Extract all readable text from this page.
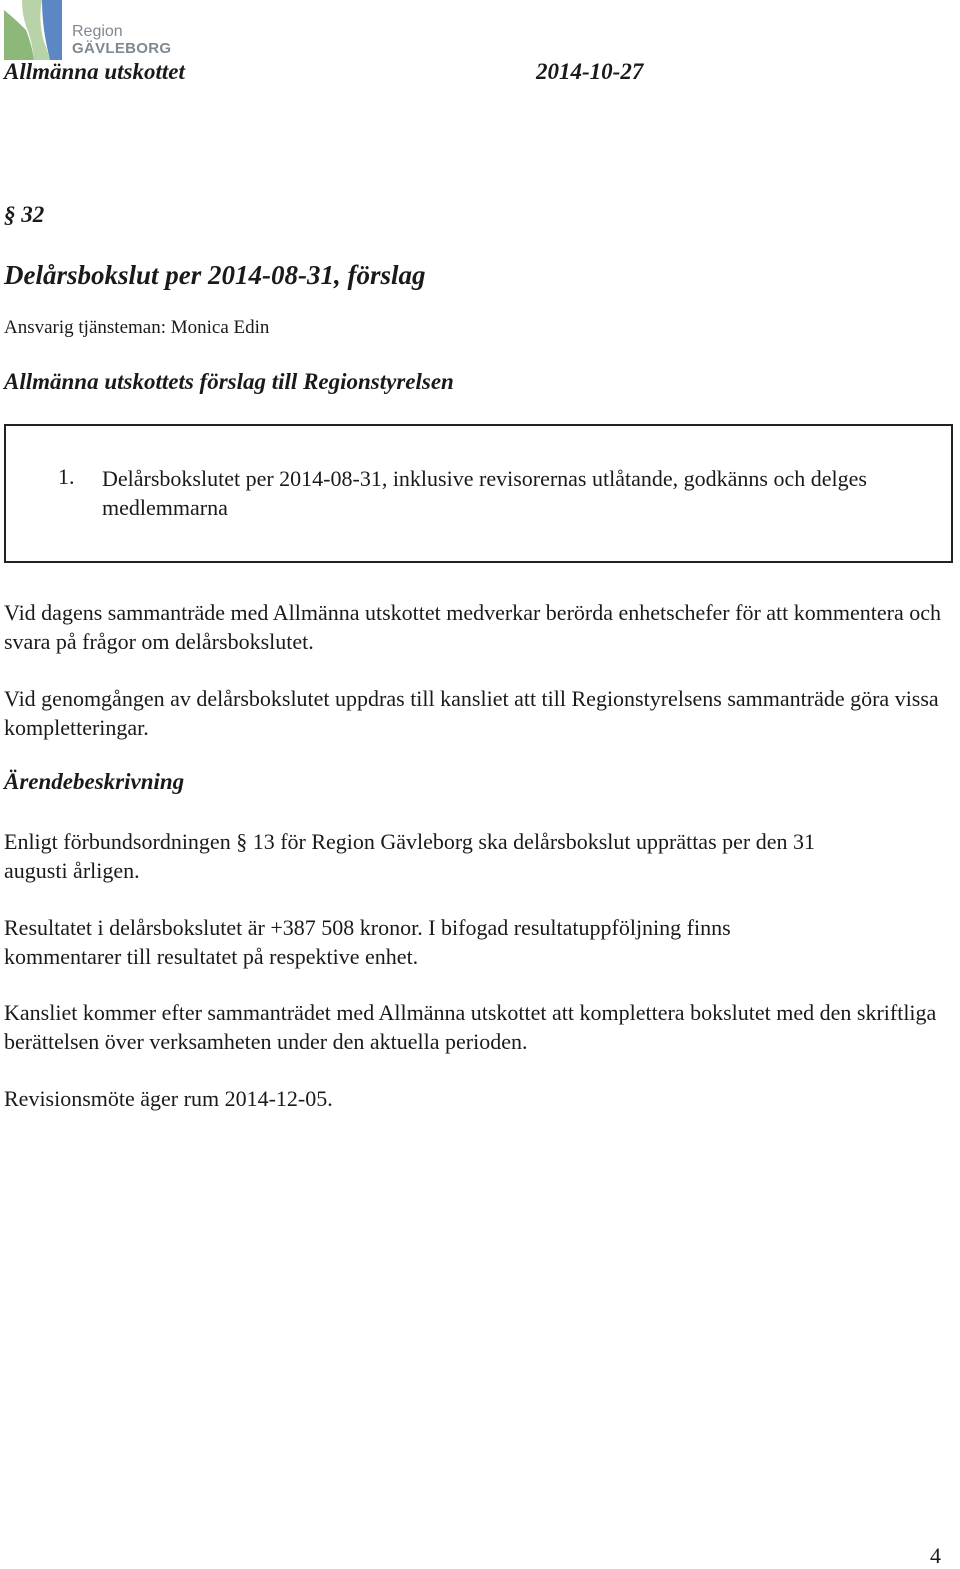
Region
GÄVLEBORG
Allmänna utskottet	2014-10-27
§ 32
Delårsbokslut per 2014-08-31, förslag
Ansvarig tjänsteman: Monica Edin
Allmänna utskottets förslag till Regionstyrelsen
1. Delårsbokslutet per 2014-08-31, inklusive revisorernas utlåtande, godkänns och delges medlemmarna
Vid dagens sammanträde med Allmänna utskottet medverkar berörda enhetschefer för att kommentera och svara på frågor om delårsbokslutet.
Vid genomgången av delårsbokslutet uppdras till kansliet att till Regionstyrelsens sammanträde göra vissa kompletteringar.
Ärendebeskrivning
Enligt förbundsordningen § 13 för Region Gävleborg ska delårsbokslut upprättas per den 31 augusti årligen.
Resultatet i delårsbokslutet är +387 508 kronor. I bifogad resultatuppföljning finns kommentarer till resultatet på respektive enhet.
Kansliet kommer efter sammanträdet med Allmänna utskottet att komplettera bokslutet med den skriftliga berättelsen över verksamheten under den aktuella perioden.
Revisionsmöte äger rum 2014-12-05.
4
